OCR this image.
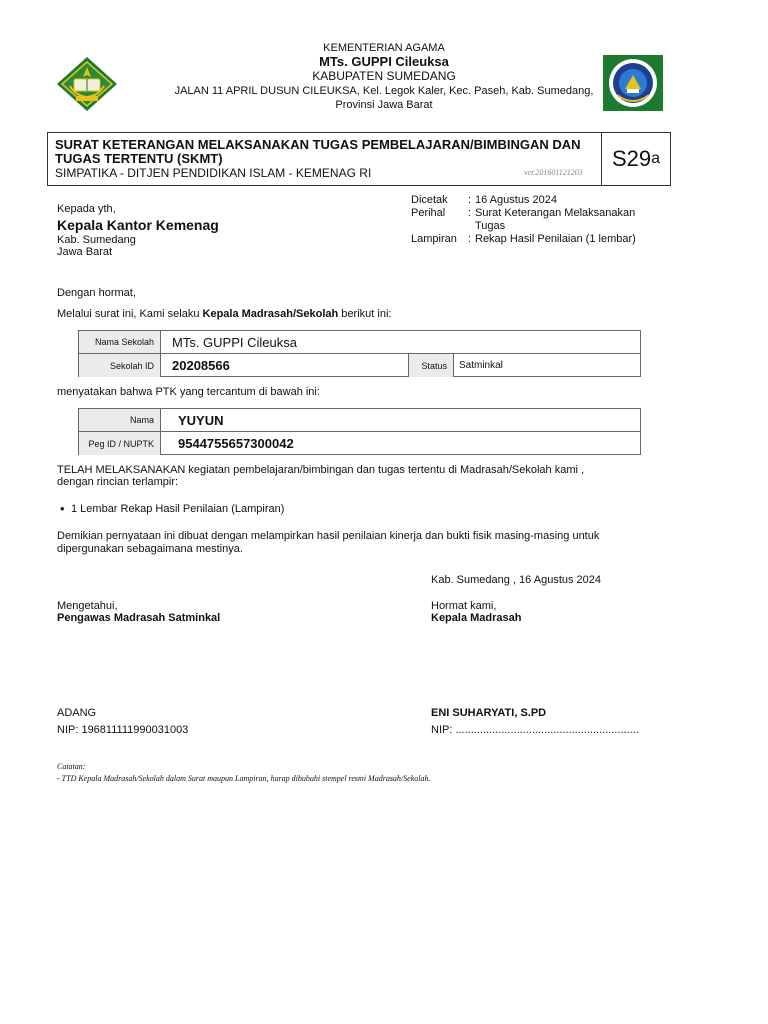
KEMENTERIAN AGAMA
MTs. GUPPI Cileuksa
KABUPATEN SUMEDANG
JALAN 11 APRIL DUSUN CILEUKSA, Kel. Legok Kaler, Kec. Paseh, Kab. Sumedang,
Provinsi Jawa Barat
SURAT KETERANGAN MELAKSANAKAN TUGAS PEMBELAJARAN/BIMBINGAN DAN TUGAS TERTENTU (SKMT)
SIMPATIKA - DITJEN PENDIDIKAN ISLAM - KEMENAG RI	ver.201601121203
S29 a
Kepada yth,
Kepala Kantor Kemenag
Kab. Sumedang
Jawa Barat
Dicetak	: 16 Agustus 2024
Perihal	: Surat Keterangan Melaksanakan Tugas
Lampiran	: Rekap Hasil Penilaian (1 lembar)
Dengan hormat,
Melalui surat ini, Kami selaku Kepala Madrasah/Sekolah berikut ini:
Nama Sekolah	MTs. GUPPI Cileuksa
Sekolah ID	20208566	Status	Satminkal
menyatakan bahwa PTK yang tercantum di bawah ini:
Nama	YUYUN
Peg ID / NUPTK	9544755657300042
TELAH MELAKSANAKAN kegiatan pembelajaran/bimbingan dan tugas tertentu di Madrasah/Sekolah kami ,
dengan rincian terlampir:
• 1 Lembar Rekap Hasil Penilaian (Lampiran)
Demikian pernyataan ini dibuat dengan melampirkan hasil penilaian kinerja dan bukti fisik masing-masing untuk
dipergunakan sebagaimana mestinya.
Kab. Sumedang , 16 Agustus 2024
Mengetahui,
Pengawas Madrasah Satminkal
ADANG
NIP: 196811111990031003
Hormat kami,
Kepala Madrasah
ENI SUHARYATI, S.PD
NIP: ............................................................
Catatan:
- TTD Kepala Madrasah/Sekolah dalam Surat maupun Lampiran, harap dibubuhi stempel resmi Madrasah/Sekolah.
